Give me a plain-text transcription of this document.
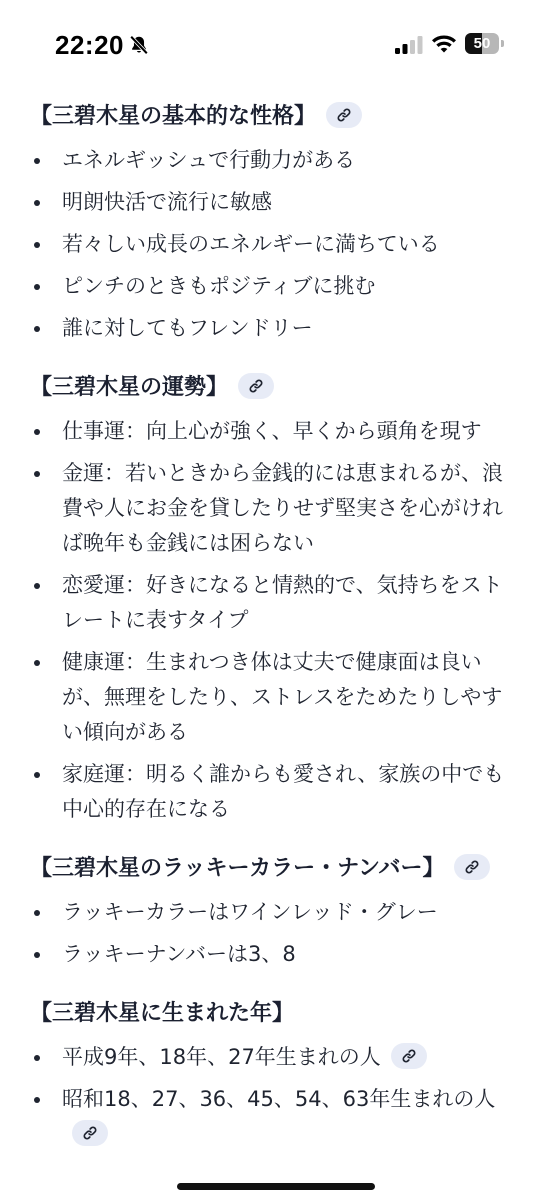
22:20	50
【三碧木星の基本的な性格】
エネルギッシュで行動力がある
明朗快活で流行に敏感
若々しい成長のエネルギーに満ちている
ピンチのときもポジティブに挑む
誰に対してもフレンドリー
【三碧木星の運勢】
仕事運：向上心が強く、早くから頭角を現す
金運：若いときから金銭的には恵まれるが、浪費や人にお金を貸したりせず堅実さを心がければ晩年も金銭には困らない
恋愛運：好きになると情熱的で、気持ちをストレートに表すタイプ
健康運：生まれつき体は丈夫で健康面は良いが、無理をしたり、ストレスをためたりしやすい傾向がある
家庭運：明るく誰からも愛され、家族の中でも中心的存在になる
【三碧木星のラッキーカラー・ナンバー】
ラッキーカラーはワインレッド・グレー
ラッキーナンバーは3、8
【三碧木星に生まれた年】
平成9年、18年、27年生まれの人
昭和18、27、36、45、54、63年生まれの人
